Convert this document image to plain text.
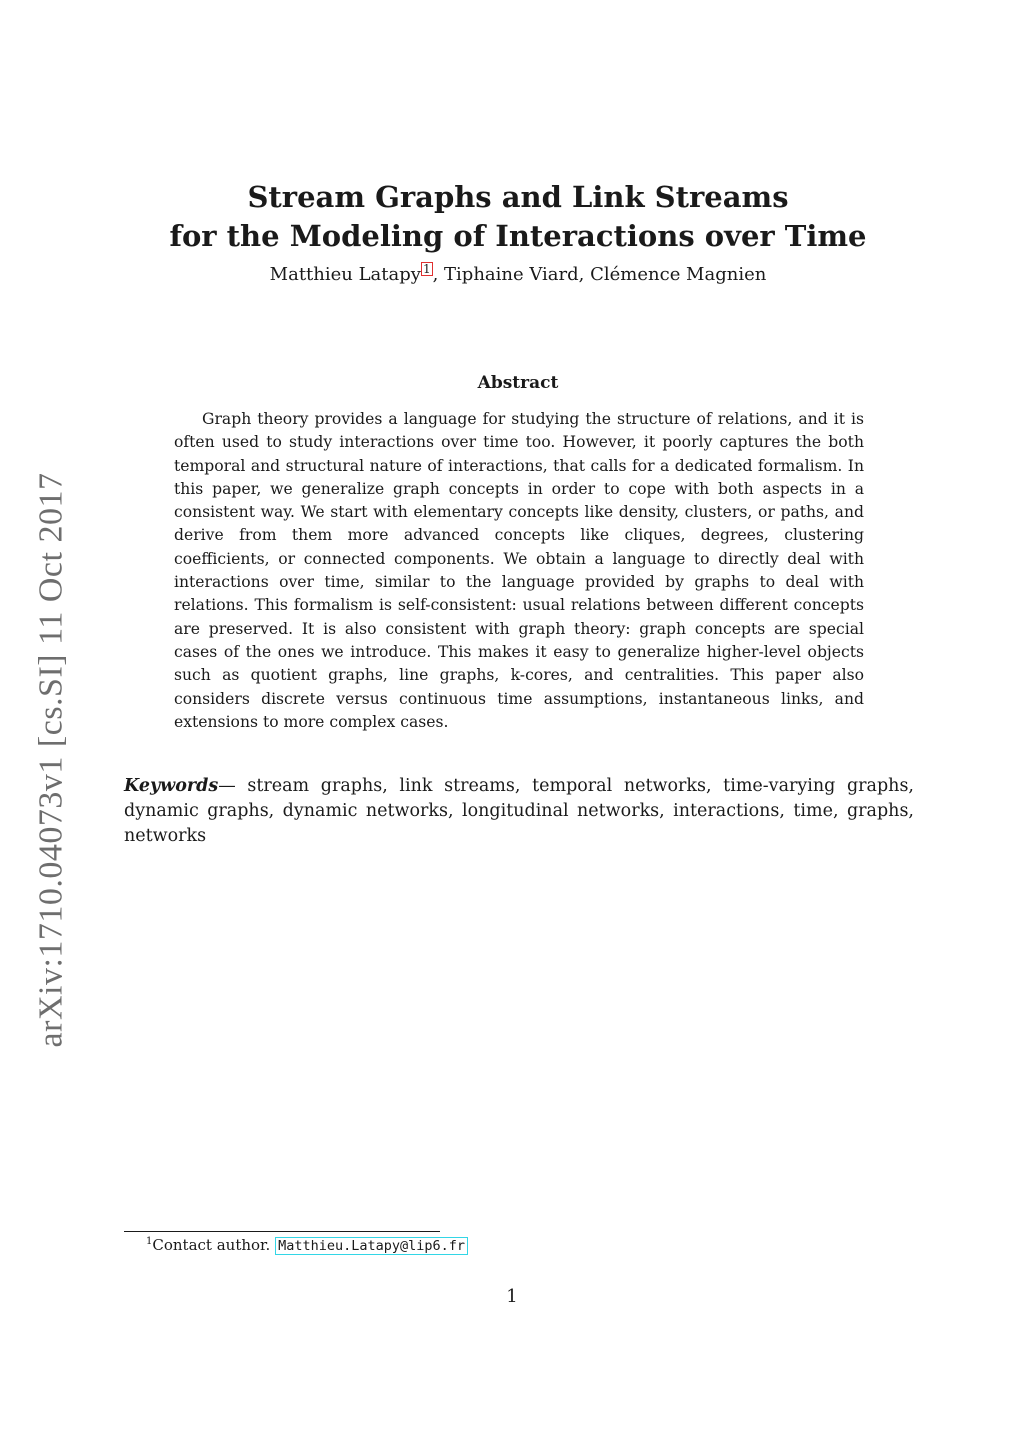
arXiv:1710.04073v1 [cs.SI] 11 Oct 2017
Stream Graphs and Link Streams
for the Modeling of Interactions over Time
Matthieu Latapy 1 , Tiphaine Viard, Clémence Magnien
Abstract

Graph theory provides a language for studying the structure of relations, and it is often used to study interactions over time too. However, it poorly captures the both temporal and structural nature of interactions, that calls for a dedicated formalism. In this paper, we generalize graph concepts in order to cope with both aspects in a consistent way. We start with elementary concepts like density, clusters, or paths, and derive from them more advanced concepts like cliques, degrees, clustering coefficients, or connected components. We obtain a language to directly deal with interactions over time, similar to the language provided by graphs to deal with relations. This formalism is self-consistent: usual relations between different concepts are preserved. It is also consistent with graph theory: graph concepts are special cases of the ones we introduce. This makes it easy to generalize higher-level objects such as quotient graphs, line graphs, k-cores, and centralities. This paper also considers discrete versus continuous time assumptions, instantaneous links, and extensions to more complex cases.

Keywords— stream graphs, link streams, temporal networks, time-varying graphs, dynamic graphs, dynamic networks, longitudinal networks, interactions, time, graphs, networks

$^1$Contact author. Matthieu.Latapy@lip6.fr
1
